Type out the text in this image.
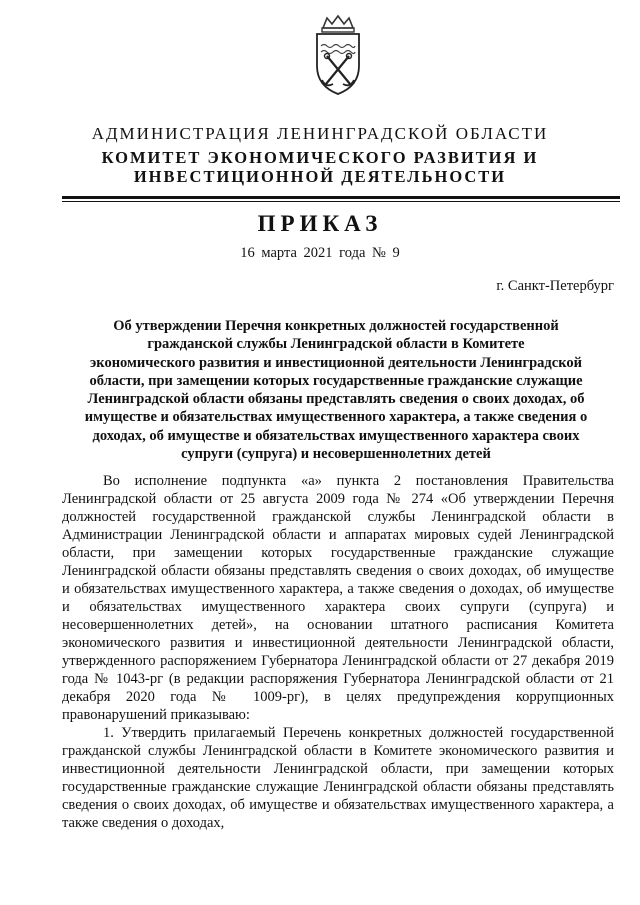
АДМИНИСТРАЦИЯ ЛЕНИНГРАДСКОЙ ОБЛАСТИ
КОМИТЕТ ЭКОНОМИЧЕСКОГО РАЗВИТИЯ И
ИНВЕСТИЦИОННОЙ ДЕЯТЕЛЬНОСТИ
ПРИКАЗ
16 марта 2021 года № 9
г. Санкт-Петербург
Об утверждении Перечня конкретных должностей государственной
гражданской службы Ленинградской области в Комитете
экономического развития и инвестиционной деятельности Ленинградской
области, при замещении которых государственные гражданские служащие
Ленинградской области обязаны представлять сведения о своих доходах, об
имуществе и обязательствах имущественного характера, а также сведения о
доходах, об имуществе и обязательствах имущественного характера своих
супруги (супруга) и несовершеннолетних детей

Во исполнение подпункта «а» пункта 2 постановления Правительства Ленинградской области от 25 августа 2009 года № 274 «Об утверждении Перечня должностей государственной гражданской службы Ленинградской области в Администрации Ленинградской области и аппаратах мировых судей Ленинградской области, при замещении которых государственные гражданские служащие Ленинградской области обязаны представлять сведения о своих доходах, об имуществе и обязательствах имущественного характера, а также сведения о доходах, об имуществе и обязательствах имущественного характера своих супруги (супруга) и несовершеннолетних детей», на основании штатного расписания Комитета экономического развития и инвестиционной деятельности Ленинградской области, утвержденного распоряжением Губернатора Ленинградской области от 27 декабря 2019 года № 1043-рг (в редакции распоряжения Губернатора Ленинградской области от 21 декабря 2020 года № 1009-рг), в целях предупреждения коррупционных правонарушений приказываю:

1. Утвердить прилагаемый Перечень конкретных должностей государственной гражданской службы Ленинградской области в Комитете экономического развития и инвестиционной деятельности Ленинградской области, при замещении которых государственные гражданские служащие Ленинградской области обязаны представлять сведения о своих доходах, об имуществе и обязательствах имущественного характера, а также сведения о доходах,
